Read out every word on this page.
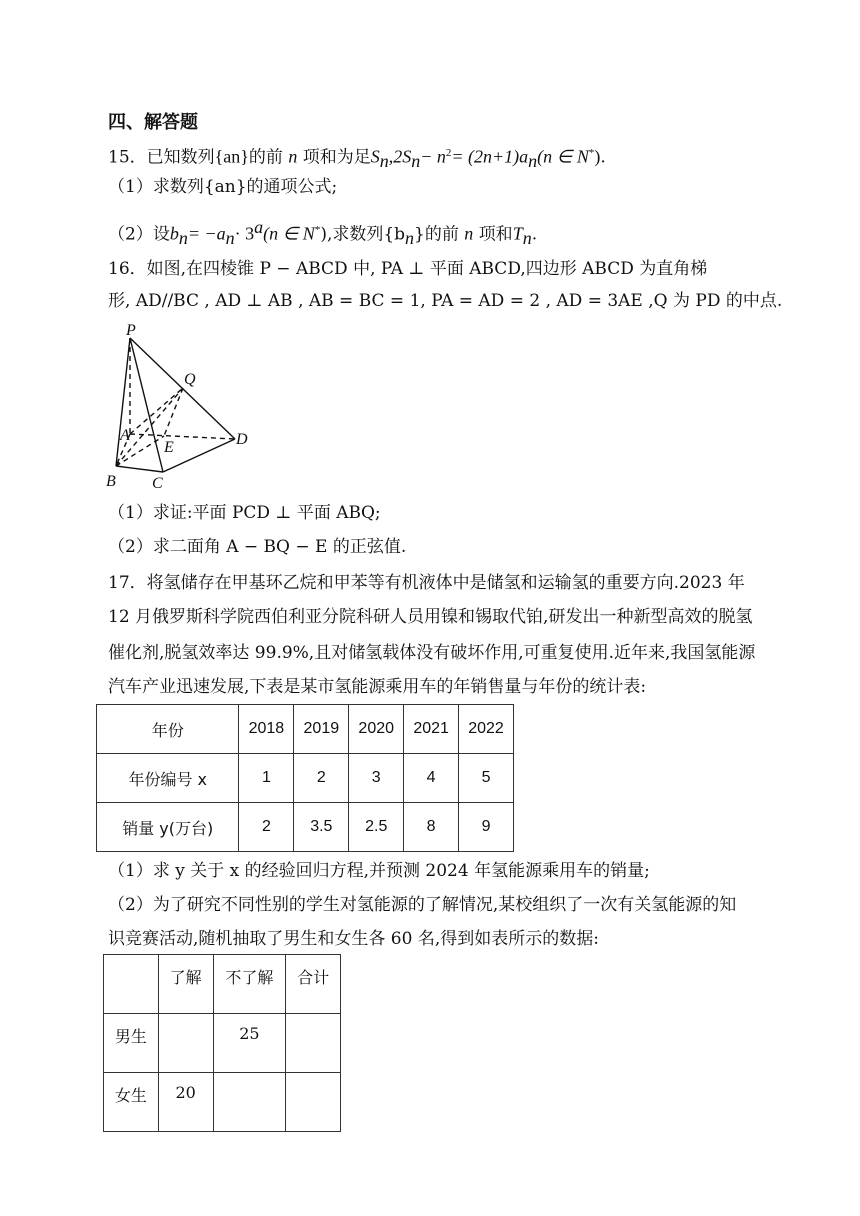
四、解答题
15．已知数列{an}的前 n 项和为足$S_n,2S_n- n^2= (2n+1)a_n(n$ ∈ N*).
（1）求数列{an}的通项公式;
（2）设$b_n= -a_n\cdot 3^a(n$ ∈ N*),求数列$\{b_n\}$的前 n 项和$T_n$.
16．如图,在四棱锥 P − ABCD 中, PA ⊥ 平面 ABCD,四边形 ABCD 为直角梯
形, AD//BC , AD ⊥ AB , AB = BC = 1, PA = AD = 2 , AD = 3AE ,Q 为 PD 的中点.
P
Q
A
E	D
B C
（1）求证:平面 PCD ⊥ 平面 ABQ;
（2）求二面角 A − BQ − E 的正弦值.
17．将氢储存在甲基环乙烷和甲苯等有机液体中是储氢和运输氢的重要方向.2023 年
12 月俄罗斯科学院西伯利亚分院科研人员用镍和锡取代铂,研发出一种新型高效的脱氢
催化剂,脱氢效率达 99.9%,且对储氢载体没有破坏作用,可重复使用.近年来,我国氢能源
汽车产业迅速发展,下表是某市氢能源乘用车的年销售量与年份的统计表:
年份	2018	2019	2020	2021	2022
年份编号 x	1	2	3	4	5
销量 y(万台)	2	3.5	2.5	8	9
（1）求 y 关于 x 的经验回归方程,并预测 2024 年氢能源乘用车的销量;
（2）为了研究不同性别的学生对氢能源的了解情况,某校组织了一次有关氢能源的知
识竞赛活动,随机抽取了男生和女生各 60 名,得到如表所示的数据:
	了解	不了解	合计
男生		25	
女生	20		
